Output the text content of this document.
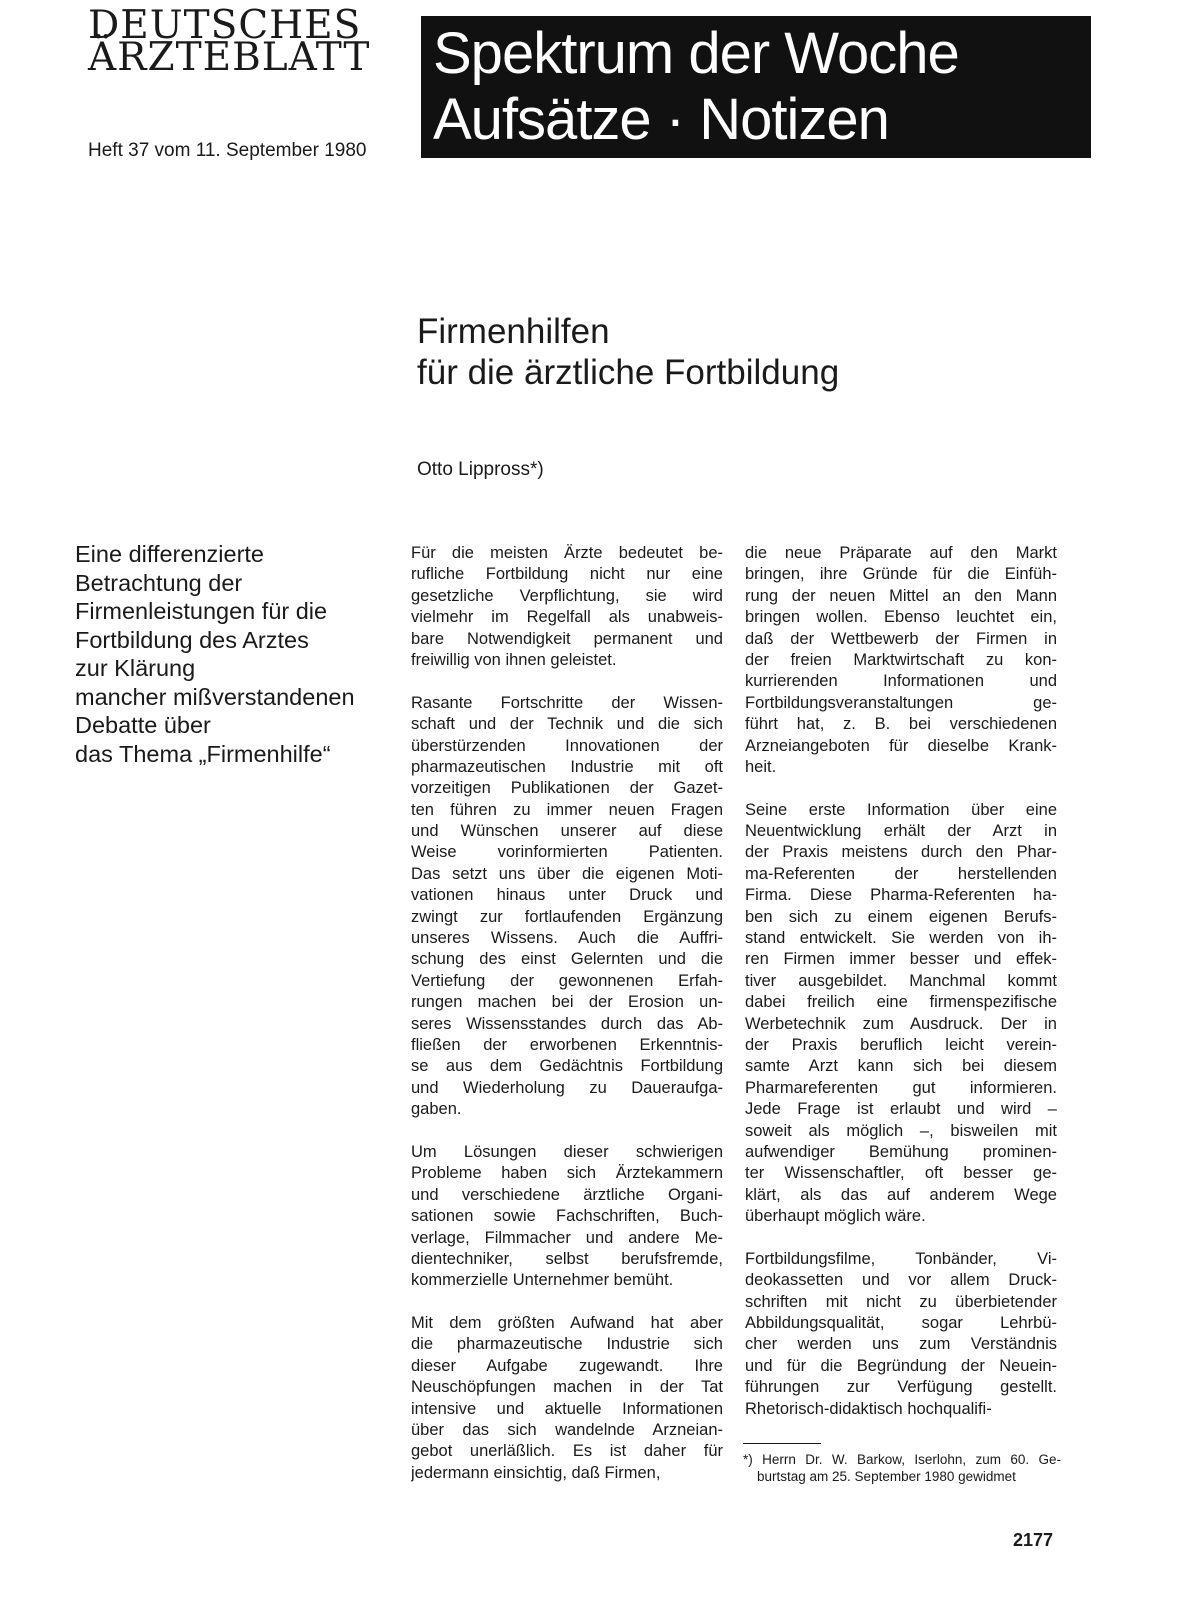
DEUTSCHES
ÄRZTEBLATT
Heft 37 vom 11. September 1980
Spektrum der Woche
Aufsätze · Notizen
Firmenhilfen
für die ärztliche Fortbildung
Otto Lippross*)
Eine differenzierte
Betrachtung der
Firmenleistungen für die
Fortbildung des Arztes
zur Klärung
mancher mißverstandenen
Debatte über
das Thema „Firmenhilfe“
Für die meisten Ärzte bedeutet be-
rufliche Fortbildung nicht nur eine
gesetzliche Verpflichtung, sie wird
vielmehr im Regelfall als unabweis-
bare Notwendigkeit permanent und
freiwillig von ihnen geleistet.
Rasante Fortschritte der Wissen-
schaft und der Technik und die sich
überstürzenden Innovationen der
pharmazeutischen Industrie mit oft
vorzeitigen Publikationen der Gazet-
ten führen zu immer neuen Fragen
und Wünschen unserer auf diese
Weise vorinformierten Patienten.
Das setzt uns über die eigenen Moti-
vationen hinaus unter Druck und
zwingt zur fortlaufenden Ergänzung
unseres Wissens. Auch die Auffri-
schung des einst Gelernten und die
Vertiefung der gewonnenen Erfah-
rungen machen bei der Erosion un-
seres Wissensstandes durch das Ab-
fließen der erworbenen Erkenntnis-
se aus dem Gedächtnis Fortbildung
und Wiederholung zu Daueraufga-
gaben.
Um Lösungen dieser schwierigen
Probleme haben sich Ärztekammern
und verschiedene ärztliche Organi-
sationen sowie Fachschriften, Buch-
verlage, Filmmacher und andere Me-
dientechniker, selbst berufsfremde,
kommerzielle Unternehmer bemüht.
Mit dem größten Aufwand hat aber
die pharmazeutische Industrie sich
dieser Aufgabe zugewandt. Ihre
Neuschöpfungen machen in der Tat
intensive und aktuelle Informationen
über das sich wandelnde Arzneian-
gebot unerläßlich. Es ist daher für
jedermann einsichtig, daß Firmen,
die neue Präparate auf den Markt
bringen, ihre Gründe für die Einfüh-
rung der neuen Mittel an den Mann
bringen wollen. Ebenso leuchtet ein,
daß der Wettbewerb der Firmen in
der freien Marktwirtschaft zu kon-
kurrierenden Informationen und
Fortbildungsveranstaltungen ge-
führt hat, z. B. bei verschiedenen
Arzneiangeboten für dieselbe Krank-
heit.
Seine erste Information über eine
Neuentwicklung erhält der Arzt in
der Praxis meistens durch den Phar-
ma-Referenten der herstellenden
Firma. Diese Pharma-Referenten ha-
ben sich zu einem eigenen Berufs-
stand entwickelt. Sie werden von ih-
ren Firmen immer besser und effek-
tiver ausgebildet. Manchmal kommt
dabei freilich eine firmenspezifische
Werbetechnik zum Ausdruck. Der in
der Praxis beruflich leicht verein-
samte Arzt kann sich bei diesem
Pharmareferenten gut informieren.
Jede Frage ist erlaubt und wird –
soweit als möglich –, bisweilen mit
aufwendiger Bemühung prominen-
ter Wissenschaftler, oft besser ge-
klärt, als das auf anderem Wege
überhaupt möglich wäre.
Fortbildungsfilme, Tonbänder, Vi-
deokassetten und vor allem Druck-
schriften mit nicht zu überbietender
Abbildungsqualität, sogar Lehrbü-
cher werden uns zum Verständnis
und für die Begründung der Neuein-
führungen zur Verfügung gestellt.
Rhetorisch-didaktisch hochqualifi-
*) Herrn Dr. W. Barkow, Iserlohn, zum 60. Ge-
burtstag am 25. September 1980 gewidmet
2177
